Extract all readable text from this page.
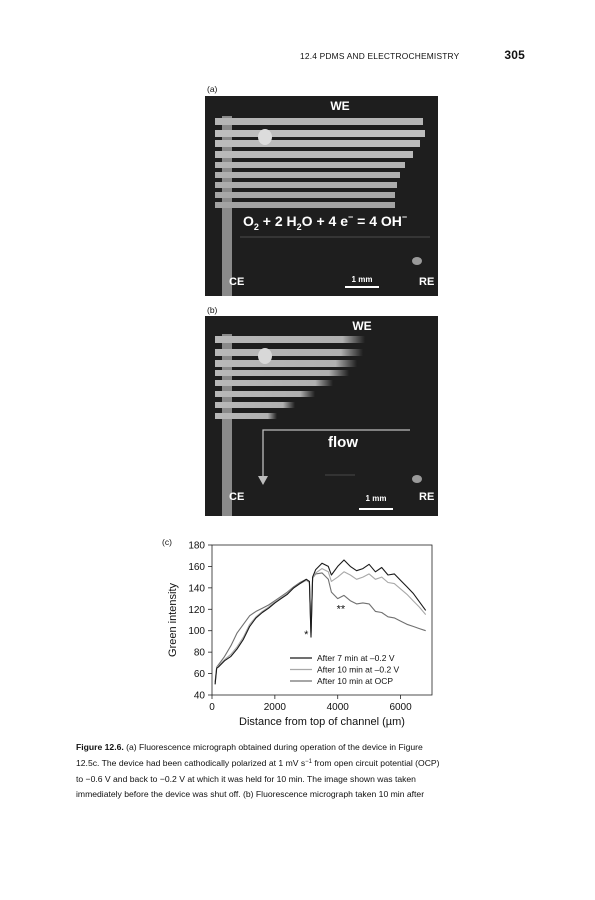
12.4 PDMS AND ELECTROCHEMISTRY	305
(a)
WE
CE	RE
1 mm
$O_2 + 2$ $H_2O + 4$ e− = 4 OH−
(b)
WE
CE	RE
1 mm
flow
(c)
40
60
80
100
120
140
160
180
0	2000	4000	6000
Distance from top of channel (µm)
Green intensity	*
**
After 7 min at –0.2 V
After 10 min at –0.2 V
After 10 min at OCP
Figure 12.6. (a) Fluorescence micrograph obtained during operation of the device in Figure
12.5c. The device had been cathodically polarized at 1 mV $s^{-1}$ from open circuit potential (OCP)
to −0.6 V and back to −0.2 V at which it was held for 10 min. The image shown was taken
immediately before the device was shut off. (b) Fluorescence micrograph taken 10 min after
